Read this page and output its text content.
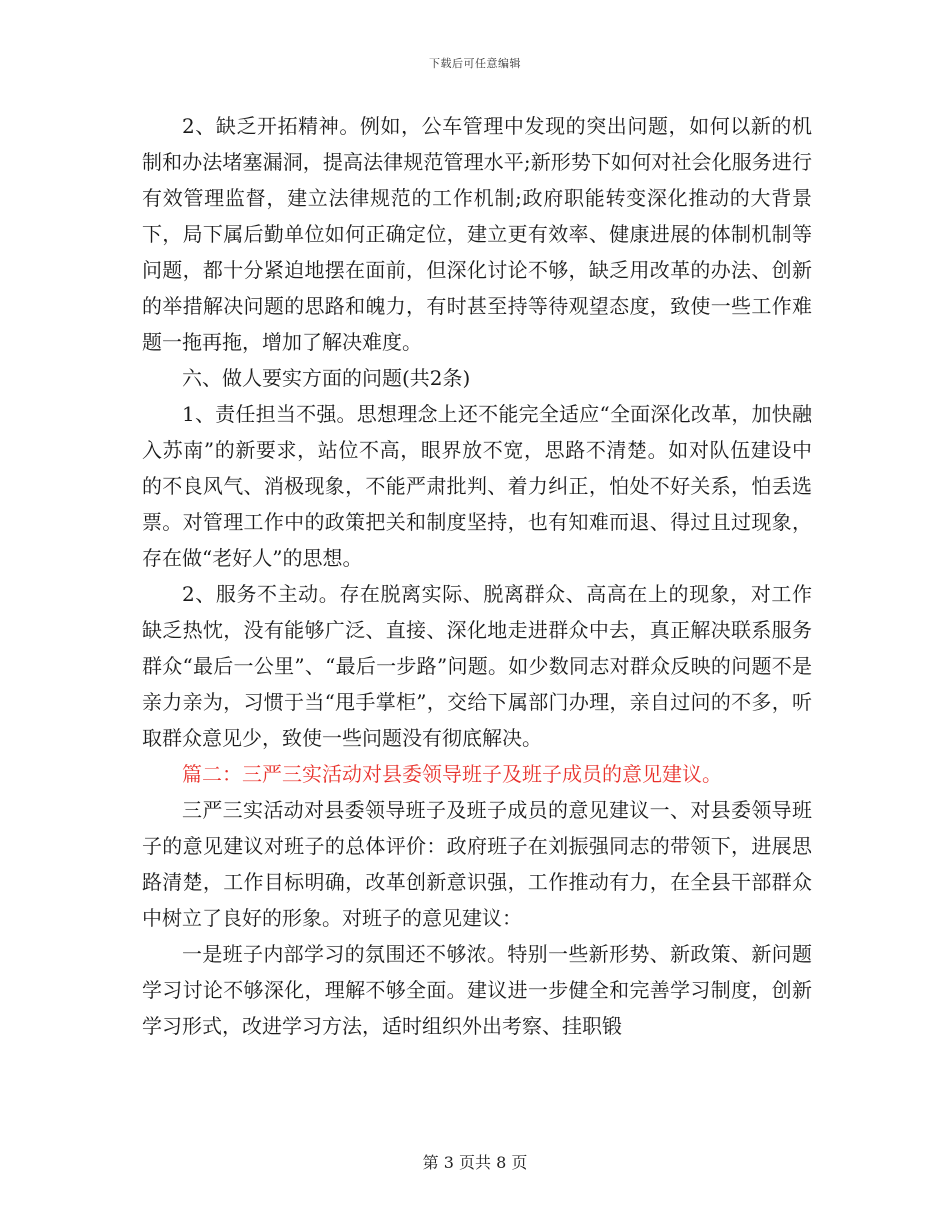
下载后可任意编辑

2、缺乏开拓精神。例如，公车管理中发现的突出问题，如何以新的机制和办法堵塞漏洞，提高法律规范管理水平;新形势下如何对社会化服务进行有效管理监督，建立法律规范的工作机制;政府职能转变深化推动的大背景下，局下属后勤单位如何正确定位，建立更有效率、健康进展的体制机制等问题，都十分紧迫地摆在面前，但深化讨论不够，缺乏用改革的办法、创新的举措解决问题的思路和魄力，有时甚至持等待观望态度，致使一些工作难题一拖再拖，增加了解决难度。

六、做人要实方面的问题(共2条)

1、责任担当不强。思想理念上还不能完全适应“全面深化改革，加快融入苏南”的新要求，站位不高，眼界放不宽，思路不清楚。如对队伍建设中的不良风气、消极现象，不能严肃批判、着力纠正，怕处不好关系，怕丢选票。对管理工作中的政策把关和制度坚持，也有知难而退、得过且过现象，存在做“老好人”的思想。

2、服务不主动。存在脱离实际、脱离群众、高高在上的现象，对工作缺乏热忱，没有能够广泛、直接、深化地走进群众中去，真正解决联系服务群众“最后一公里”、“最后一步路”问题。如少数同志对群众反映的问题不是亲力亲为，习惯于当“甩手掌柜”，交给下属部门办理，亲自过问的不多，听取群众意见少，致使一些问题没有彻底解决。

篇二：三严三实活动对县委领导班子及班子成员的意见建议。

三严三实活动对县委领导班子及班子成员的意见建议一、对县委领导班子的意见建议对班子的总体评价：政府班子在刘振强同志的带领下，进展思路清楚，工作目标明确，改革创新意识强，工作推动有力，在全县干部群众中树立了良好的形象。对班子的意见建议：

一是班子内部学习的氛围还不够浓。特别一些新形势、新政策、新问题学习讨论不够深化，理解不够全面。建议进一步健全和完善学习制度，创新学习形式，改进学习方法，适时组织外出考察、挂职锻

第 3 页共 8 页
